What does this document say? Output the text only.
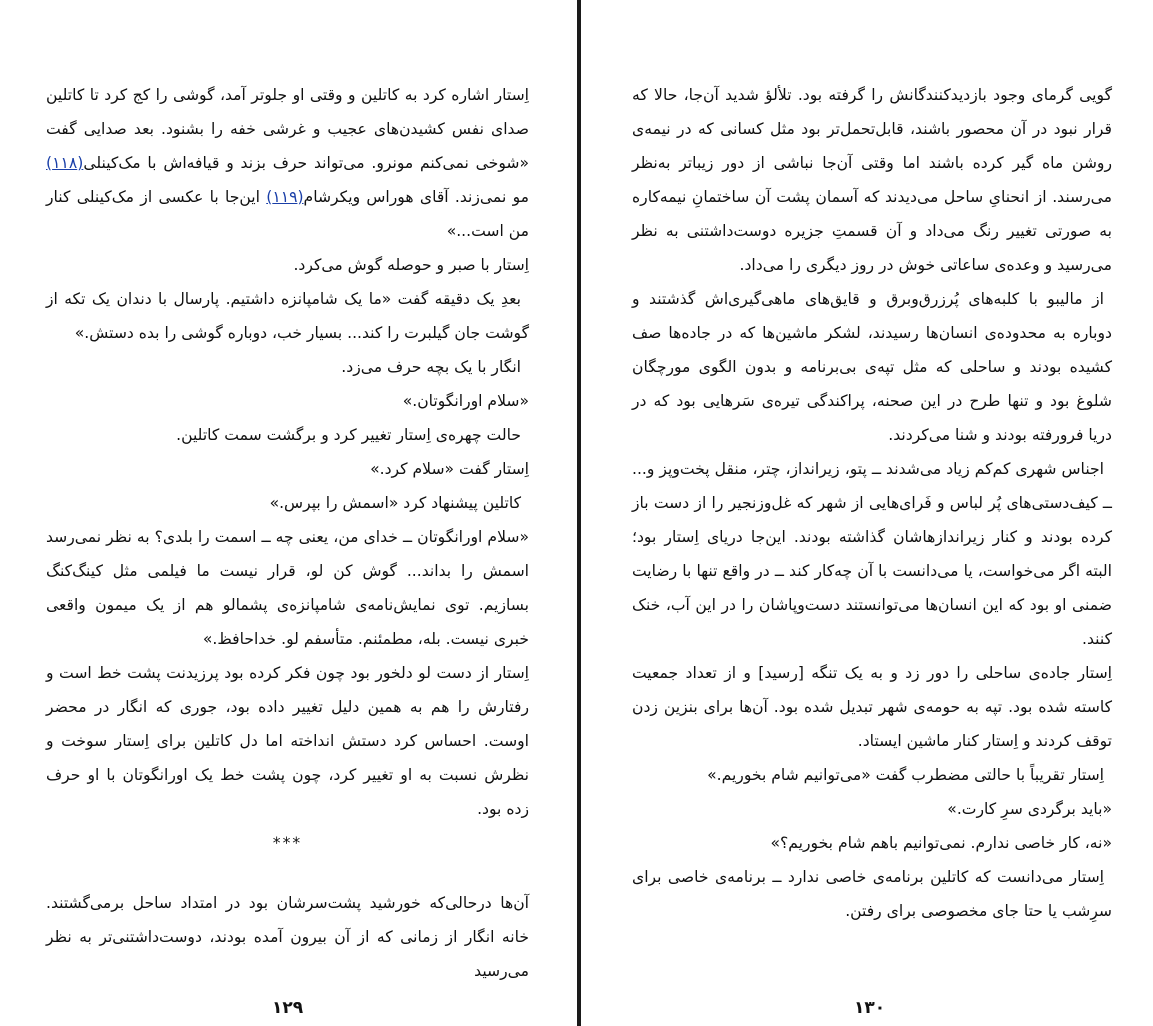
اِستار اشاره کرد به کاتلین و وقتی او جلوتر آمد، گوشی را کج کرد تا کاتلین صدای نفس کشیدن‌های عجیب و غرشی خفه را بشنود. بعد صدایی گفت «شوخی نمی‌کنم مونرو. می‌تواند حرف بزند و قیافه‌اش با مک‌کینلی(۱۱۸) مو نمی‌زند. آقای هوراس ویکرشام(۱۱۹) این‌جا با عکسی از مک‌کینلی کنار من است...»

اِستار با صبر و حوصله گوش می‌کرد.

بعدِ یک دقیقه گفت «ما یک شامپانزه داشتیم. پارسال با دندان یک تکه از گوشت جان گیلبرت را کند... بسیار خب، دوباره گوشی را بده دستش.»

انگار با یک بچه حرف می‌زد.

«سلام اورانگوتان.»

حالت چهره‌ی اِستار تغییر کرد و برگشت سمت کاتلین.

اِستار گفت «سلام کرد.»

کاتلین پیشنهاد کرد «اسمش را بپرس.»

«سلام اورانگوتان ــ خدای من، یعنی چه ــ اسمت را بلدی؟ به نظر نمی‌رسد اسمش را بداند... گوش کن لو، قرار نیست ما فیلمی مثل کینگ‌کنگ بسازیم. توی نمایش‌نامه‌ی شامپانزه‌ی پشمالو هم از یک میمون واقعی خبری نیست. بله، مطمئنم. متأسفم لو. خداحافظ.»

اِستار از دست لو دلخور بود چون فکر کرده بود پرزیدنت پشت خط است و رفتارش را هم به همین دلیل تغییر داده بود، جوری که انگار در محضر اوست. احساس کرد دستش انداخته اما دل کاتلین برای اِستار سوخت و نظرش نسبت به او تغییر کرد، چون پشت خط یک اورانگوتان با او حرف زده بود.

***

آن‌ها درحالی‌که خورشید پشت‌سرشان بود در امتداد ساحل برمی‌گشتند. خانه انگار از زمانی که از آن بیرون آمده بودند، دوست‌داشتنی‌تر به نظر می‌رسید

۱۲۹

گویی گرمای وجود بازدیدکنندگانش را گرفته بود. تلألؤ شدید آن‌جا، حالا که قرار نبود در آن محصور باشند، قابل‌تحمل‌تر بود مثل کسانی که در نیمه‌ی روشن ماه گیر کرده باشند اما وقتی آن‌جا نباشی از دور زیباتر به‌نظر می‌رسند. از انحنایِ ساحل می‌دیدند که آسمان پشت آن ساختمانِ نیمه‌کاره به صورتی تغییر رنگ می‌داد و آن قسمتِ جزیره دوست‌داشتنی به نظر می‌رسید و وعده‌ی ساعاتی خوش در روز دیگری را می‌داد.

از مالیبو با کلبه‌های پُرزرق‌وبرق و قایق‌های ماهی‌گیری‌اش گذشتند و دوباره به محدوده‌ی انسان‌ها رسیدند، لشکر ماشین‌ها که در جاده‌ها صف کشیده بودند و ساحلی که مثل تپه‌ی بی‌برنامه و بدون الگوی مورچگان شلوغ بود و تنها طرح در این صحنه، پراکندگی تیره‌ی سَرهایی بود که در دریا فرورفته بودند و شنا می‌کردند.

اجناس شهری کم‌کم زیاد می‌شدند ــ پتو، زیرانداز، چتر، منقل پخت‌وپز و... ــ کیف‌دستی‌های پُر لباس و فَرای‌هایی از شهر که غل‌وزنجیر را از دست باز کرده بودند و کنار زیراندازهاشان گذاشته بودند. این‌جا دریای اِستار بود؛ البته اگر می‌خواست، یا می‌دانست با آن چه‌کار کند ــ در واقع تنها با رضایت ضمنی او بود که این انسان‌ها می‌توانستند دست‌وپاشان را در این آب، خنک کنند.

اِستار جاده‌ی ساحلی را دور زد و به یک تنگه [رسید] و از تعداد جمعیت کاسته شده بود. تپه به حومه‌ی شهر تبدیل شده بود. آن‌ها برای بنزین زدن توقف کردند و اِستار کنار ماشین ایستاد.

اِستار تقریباً با حالتی مضطرب گفت «می‌توانیم شام بخوریم.»

«باید برگردی سرِ کارت.»

«نه، کار خاصی ندارم. نمی‌توانیم باهم شام بخوریم؟»

اِستار می‌دانست که کاتلین برنامه‌ی خاصی ندارد ــ برنامه‌ی خاصی برای سرِشب یا حتا جای مخصوصی برای رفتن.

۱۳۰
